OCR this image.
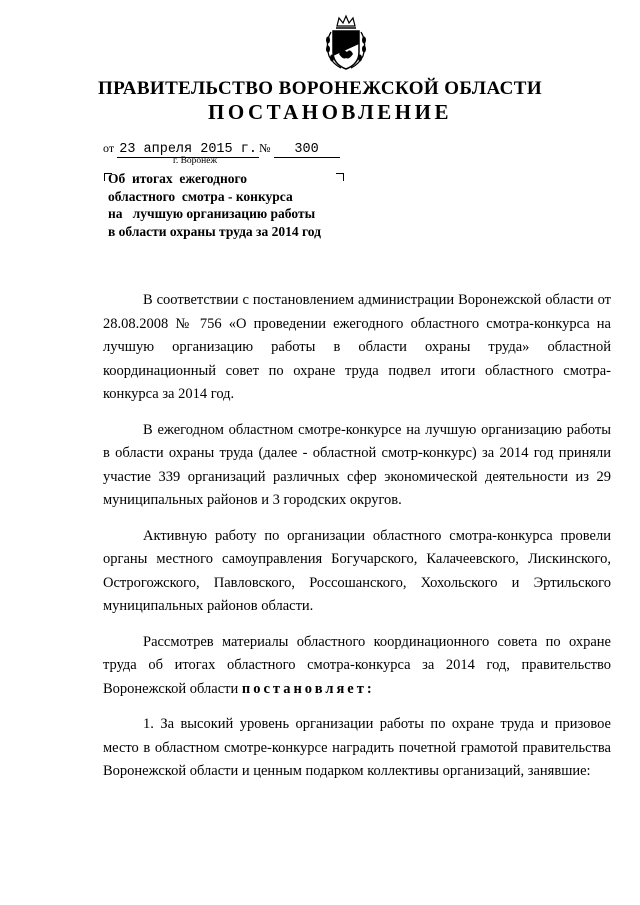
ПРАВИТЕЛЬСТВО ВОРОНЕЖСКОЙ ОБЛАСТИ
ПОСТАНОВЛЕНИЕ
от 23 апреля 2015 г. № 300
г. Воронеж
Об  итогах  ежегодного
областного  смотра - конкурса
на   лучшую организацию работы
в области охраны труда за 2014 год

В соответствии с постановлением администрации Воронежской области от 28.08.2008 № 756 «О проведении ежегодного областного смотра-конкурса на лучшую организацию работы в области охраны труда» областной координационный совет по охране труда подвел итоги областного смотра-конкурса за 2014 год.

В ежегодном областном смотре-конкурсе на лучшую организацию работы в области охраны труда (далее - областной смотр-конкурс) за 2014 год приняли участие 339 организаций различных сфер экономической деятельности из 29 муниципальных районов и 3 городских округов.

Активную работу по организации областного смотра-конкурса провели органы местного самоуправления Богучарского, Калачеевского, Лискинского, Острогожского, Павловского, Россошанского, Хохольского и Эртильского муниципальных районов области.

Рассмотрев материалы областного координационного совета по охране труда об итогах областного смотра-конкурса за 2014 год, правительство Воронежской области постановляет:

1. За высокий уровень организации работы по охране труда и призовое место в областном смотре-конкурсе наградить почетной грамотой правительства Воронежской области и ценным подарком коллективы организаций, занявшие:
